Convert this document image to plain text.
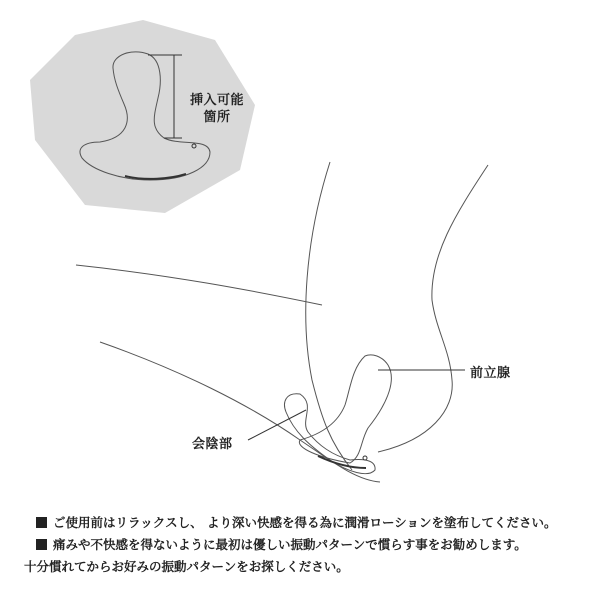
挿入可能
箇所
前立腺
会陰部
ご使用前はリラックスし、 より深い快感を得る為に潤滑ローションを塗布してください。
痛みや不快感を得ないように最初は優しい振動パターンで慣らす事をお勧めします。
十分慣れてからお好みの振動パターンをお探しください。
